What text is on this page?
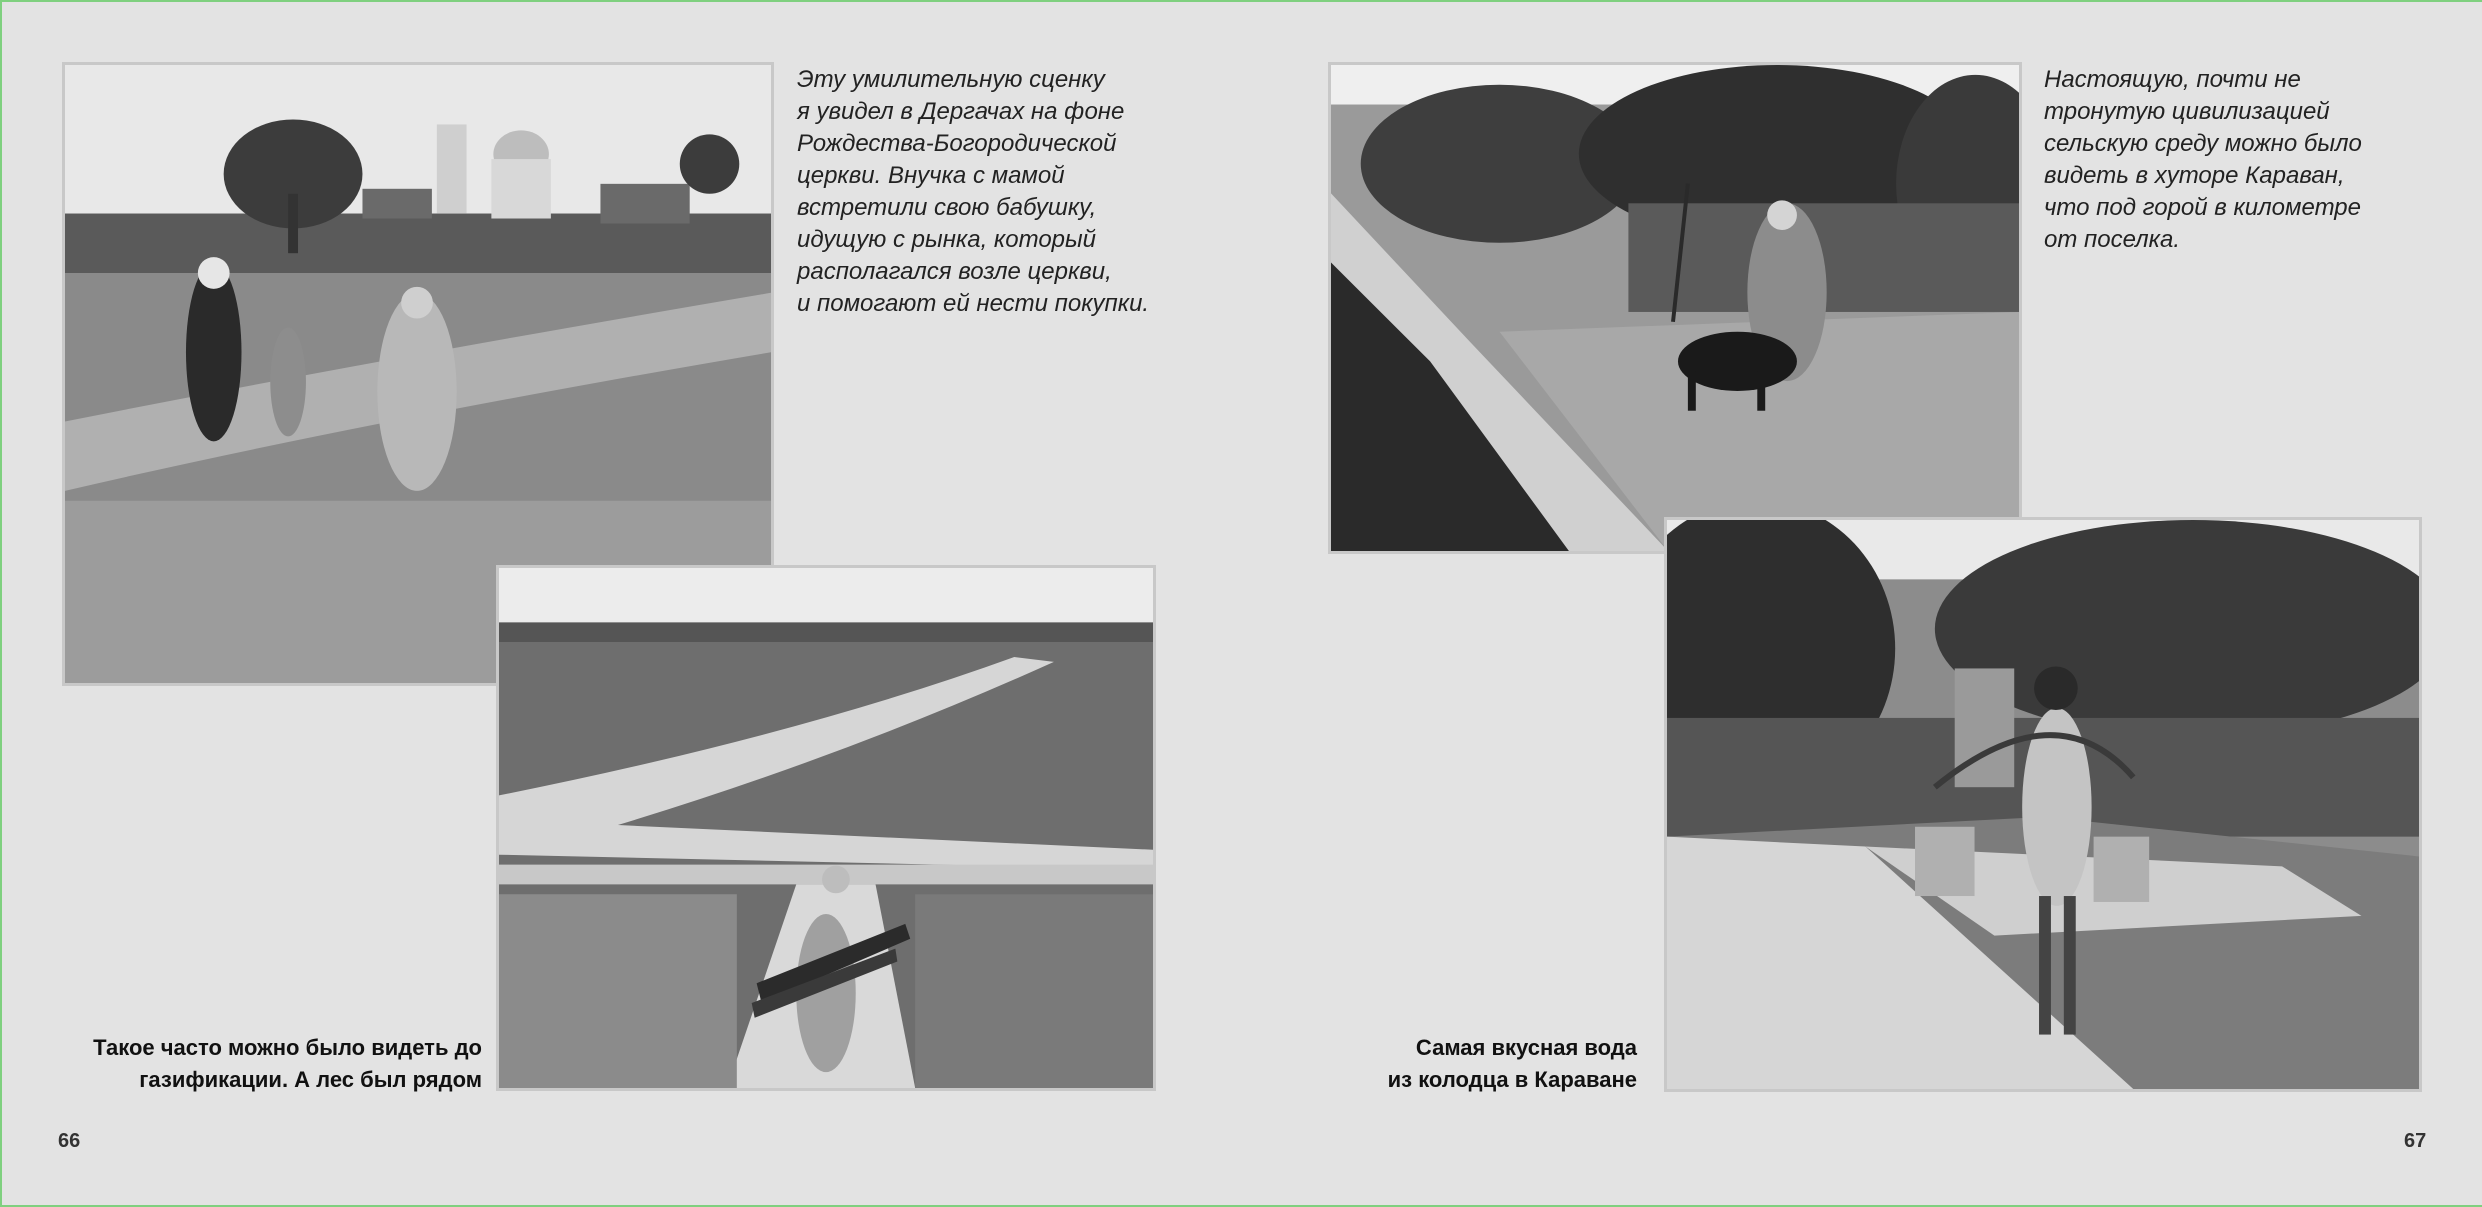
Эту умилительную сценку
я увидел в Дергачах на фоне
Рождества-Богородической
церкви. Внучка с мамой
встретили свою бабушку,
идущую с рынка, который
располагался возле церкви,
и помогают ей нести покупки.

Такое часто можно было видеть до
газификации. А лес был рядом

66

Настоящую, почти не
тронутую цивилизацией
сельскую среду можно было
видеть в хуторе Караван,
что под горой в километре
от поселка.

Самая вкусная вода
из колодца в Караване

67
